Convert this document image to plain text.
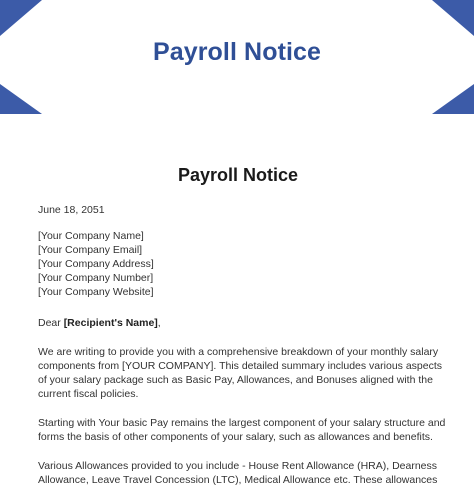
Payroll Notice
Payroll Notice

June 18, 2051

[Your Company Name]

[Your Company Email]

[Your Company Address]

[Your Company Number]

[Your Company Website]

Dear [Recipient's Name],

We are writing to provide you with a comprehensive breakdown of your monthly salary

components from [YOUR COMPANY]. This detailed summary includes various aspects

of your salary package such as Basic Pay, Allowances, and Bonuses aligned with the

current fiscal policies.

Starting with Your basic Pay remains the largest component of your salary structure and

forms the basis of other components of your salary, such as allowances and benefits.

Various Allowances provided to you include - House Rent Allowance (HRA), Dearness

Allowance, Leave Travel Concession (LTC), Medical Allowance etc. These allowances
